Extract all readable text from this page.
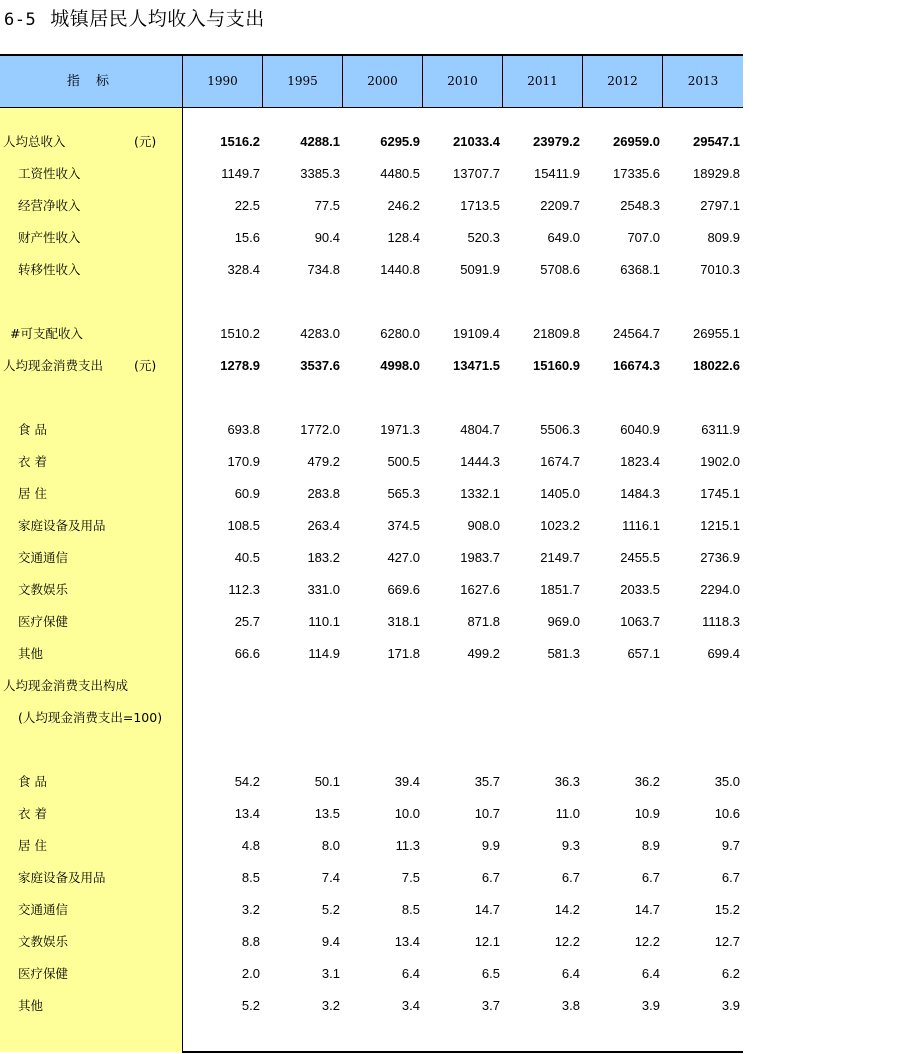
6-5 城镇居民人均收入与支出
指 标	1990	1995	2000	2010	2011	2012	2013
人均总收入	(元)	1516.2	4288.1	6295.9	21033.4	23979.2	26959.0	29547.1
工资性收入	1149.7	3385.3	4480.5	13707.7	15411.9	17335.6	18929.8
经营净收入	22.5	77.5	246.2	1713.5	2209.7	2548.3	2797.1
财产性收入	15.6	90.4	128.4	520.3	649.0	707.0	809.9
转移性收入	328.4	734.8	1440.8	5091.9	5708.6	6368.1	7010.3
#可支配收入	1510.2	4283.0	6280.0	19109.4	21809.8	24564.7	26955.1
人均现金消费支出	(元)	1278.9	3537.6	4998.0	13471.5	15160.9	16674.3	18022.6
食 品	693.8	1772.0	1971.3	4804.7	5506.3	6040.9	6311.9
衣 着	170.9	479.2	500.5	1444.3	1674.7	1823.4	1902.0
居 住	60.9	283.8	565.3	1332.1	1405.0	1484.3	1745.1
家庭设备及用品	108.5	263.4	374.5	908.0	1023.2	1116.1	1215.1
交通通信	40.5	183.2	427.0	1983.7	2149.7	2455.5	2736.9
文教娱乐	112.3	331.0	669.6	1627.6	1851.7	2033.5	2294.0
医疗保健	25.7	110.1	318.1	871.8	969.0	1063.7	1118.3
其他	66.6	114.9	171.8	499.2	581.3	657.1	699.4
人均现金消费支出构成
(人均现金消费支出=100)
食 品	54.2	50.1	39.4	35.7	36.3	36.2	35.0
衣 着	13.4	13.5	10.0	10.7	11.0	10.9	10.6
居 住	4.8	8.0	11.3	9.9	9.3	8.9	9.7
家庭设备及用品	8.5	7.4	7.5	6.7	6.7	6.7	6.7
交通通信	3.2	5.2	8.5	14.7	14.2	14.7	15.2
文教娱乐	8.8	9.4	13.4	12.1	12.2	12.2	12.7
医疗保健	2.0	3.1	6.4	6.5	6.4	6.4	6.2
其他	5.2	3.2	3.4	3.7	3.8	3.9	3.9
